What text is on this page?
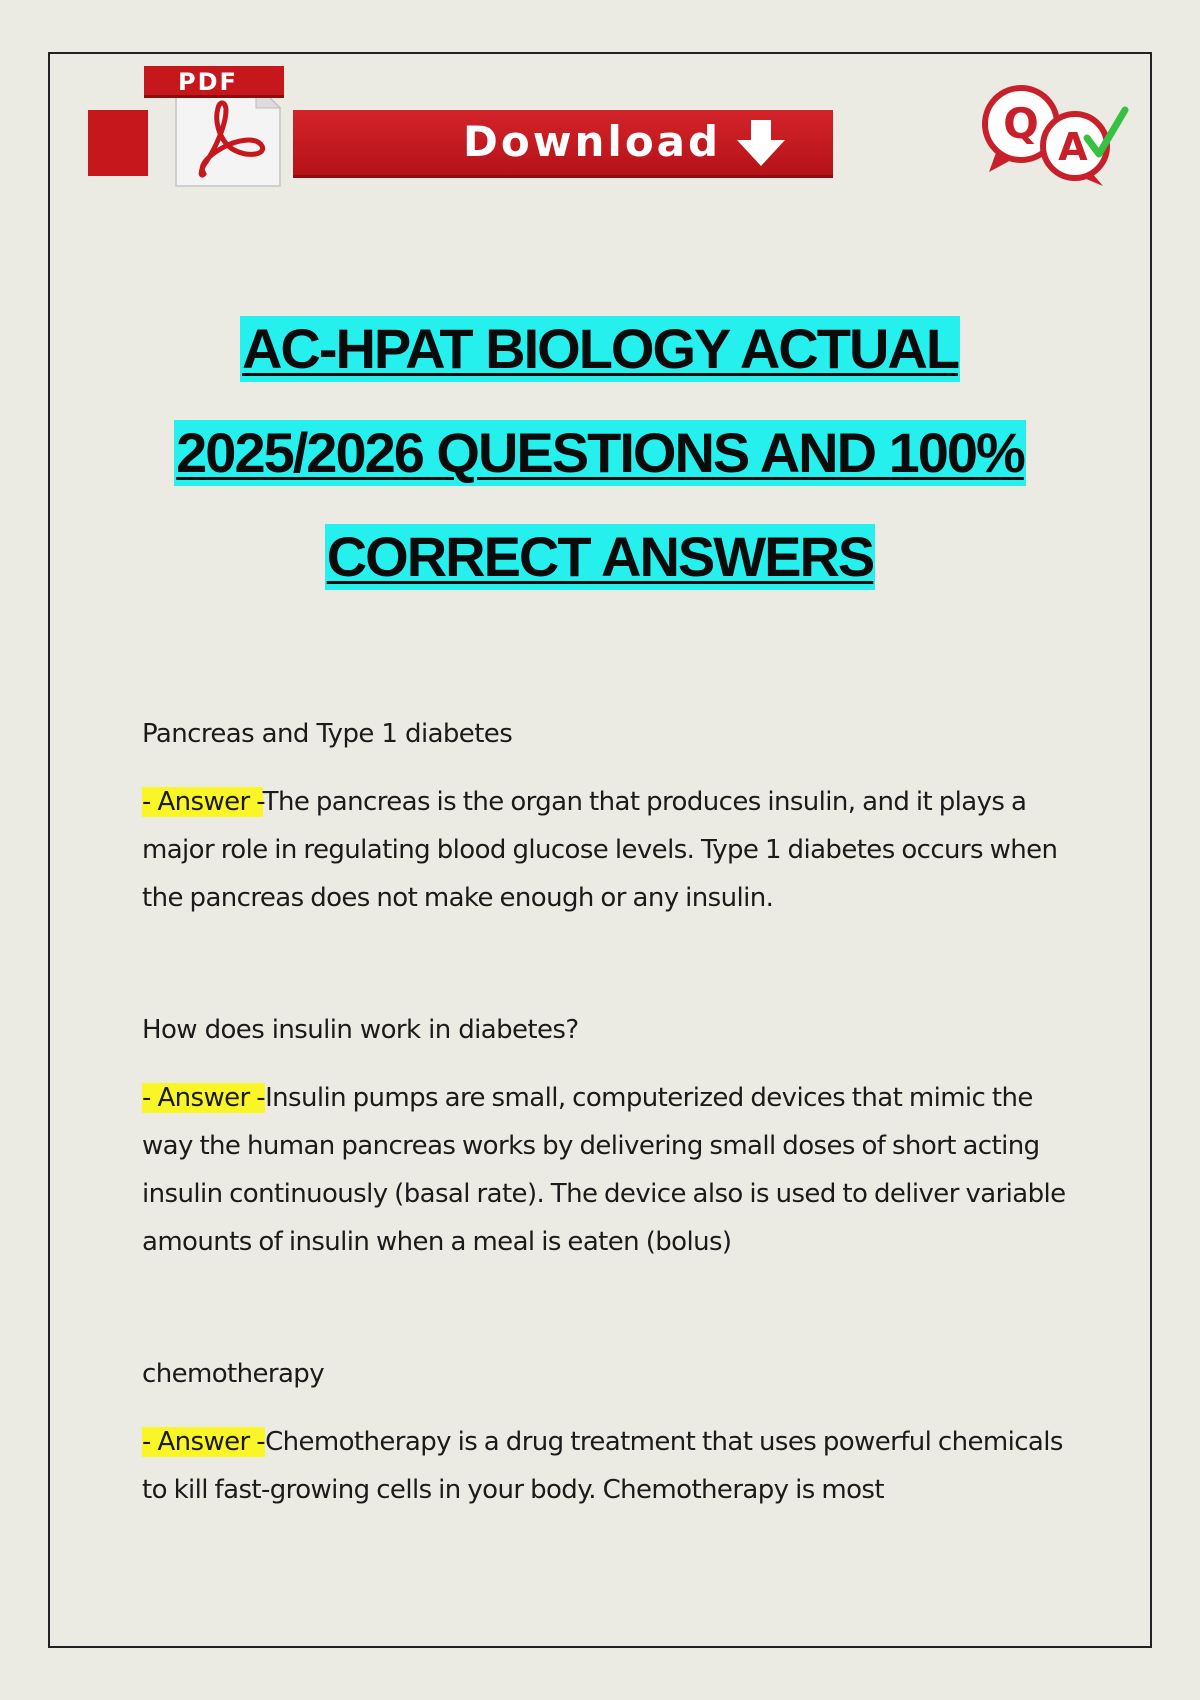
Download
PDF
Q A
AC-HPAT BIOLOGY ACTUAL
2025/2026 QUESTIONS AND 100%
CORRECT ANSWERS

Pancreas and Type 1 diabetes

- Answer -The pancreas is the organ that produces insulin, and it plays a major role in regulating blood glucose levels. Type 1 diabetes occurs when the pancreas does not make enough or any insulin.

How does insulin work in diabetes?

- Answer -Insulin pumps are small, computerized devices that mimic the way the human pancreas works by delivering small doses of short acting insulin continuously (basal rate). The device also is used to deliver variable amounts of insulin when a meal is eaten (bolus)

chemotherapy

- Answer -Chemotherapy is a drug treatment that uses powerful chemicals to kill fast-growing cells in your body. Chemotherapy is most
